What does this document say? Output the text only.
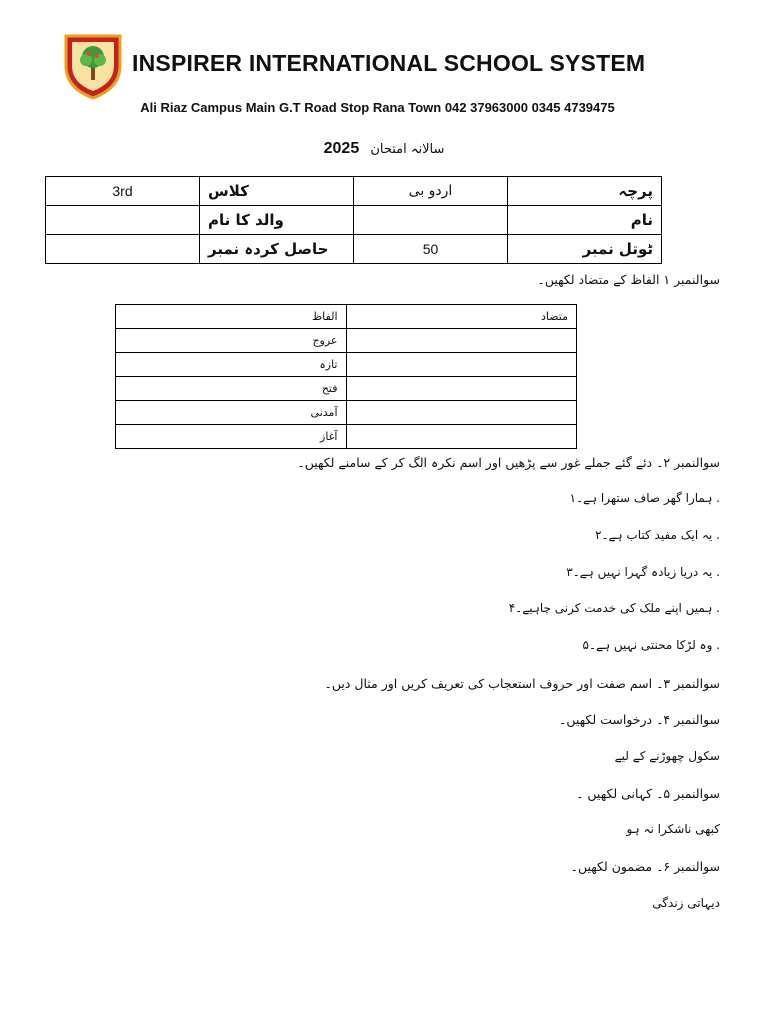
INSPIRER INTERNATIONAL SCHOOL SYSTEM
Ali Riaz Campus Main G.T Road Stop Rana Town 042 37963000 0345 4739475
سالانہ امتحان 2025
3rd	کلاس	اردو بی	پرچہ
	والد کا نام		نام
	حاصل کردہ نمبر	50	ٹوتل نمبر
سوالنمبر ۱ الفاظ کے متضاد لکھیں۔
الفاظ	متضاد
عروج	
تازہ	
فتح	
آمدنی	
آغاز	
سوالنمبر ۲۔ دئے گئے جملے غور سے پڑھیں اور اسم نکرہ الگ کر کے سامنے لکھیں۔
. ہمارا گھر صاف ستھرا ہے۔۱
. یہ ایک مفید کتاب ہے۔۲
. یہ دریا زیادہ گہرا نہیں ہے۔۳
. ہمیں اپنے ملک کی خدمت کرنی چاہیے۔۴
. وہ لڑکا محنتی نہیں ہے۔۵
سوالنمبر ۳۔ اسم صفت اور حروف استعجاب کی تعریف کریں اور مثال دیں۔
سوالنمبر ۴۔ درخواست لکھیں۔
سکول چھوڑنے کے لیے
سوالنمبر ۵۔ کہانی لکھیں ۔
کبھی ناشکرا نہ ہو
سوالنمبر ۶۔ مضمون لکھیں۔
دیہاتی زندگی
